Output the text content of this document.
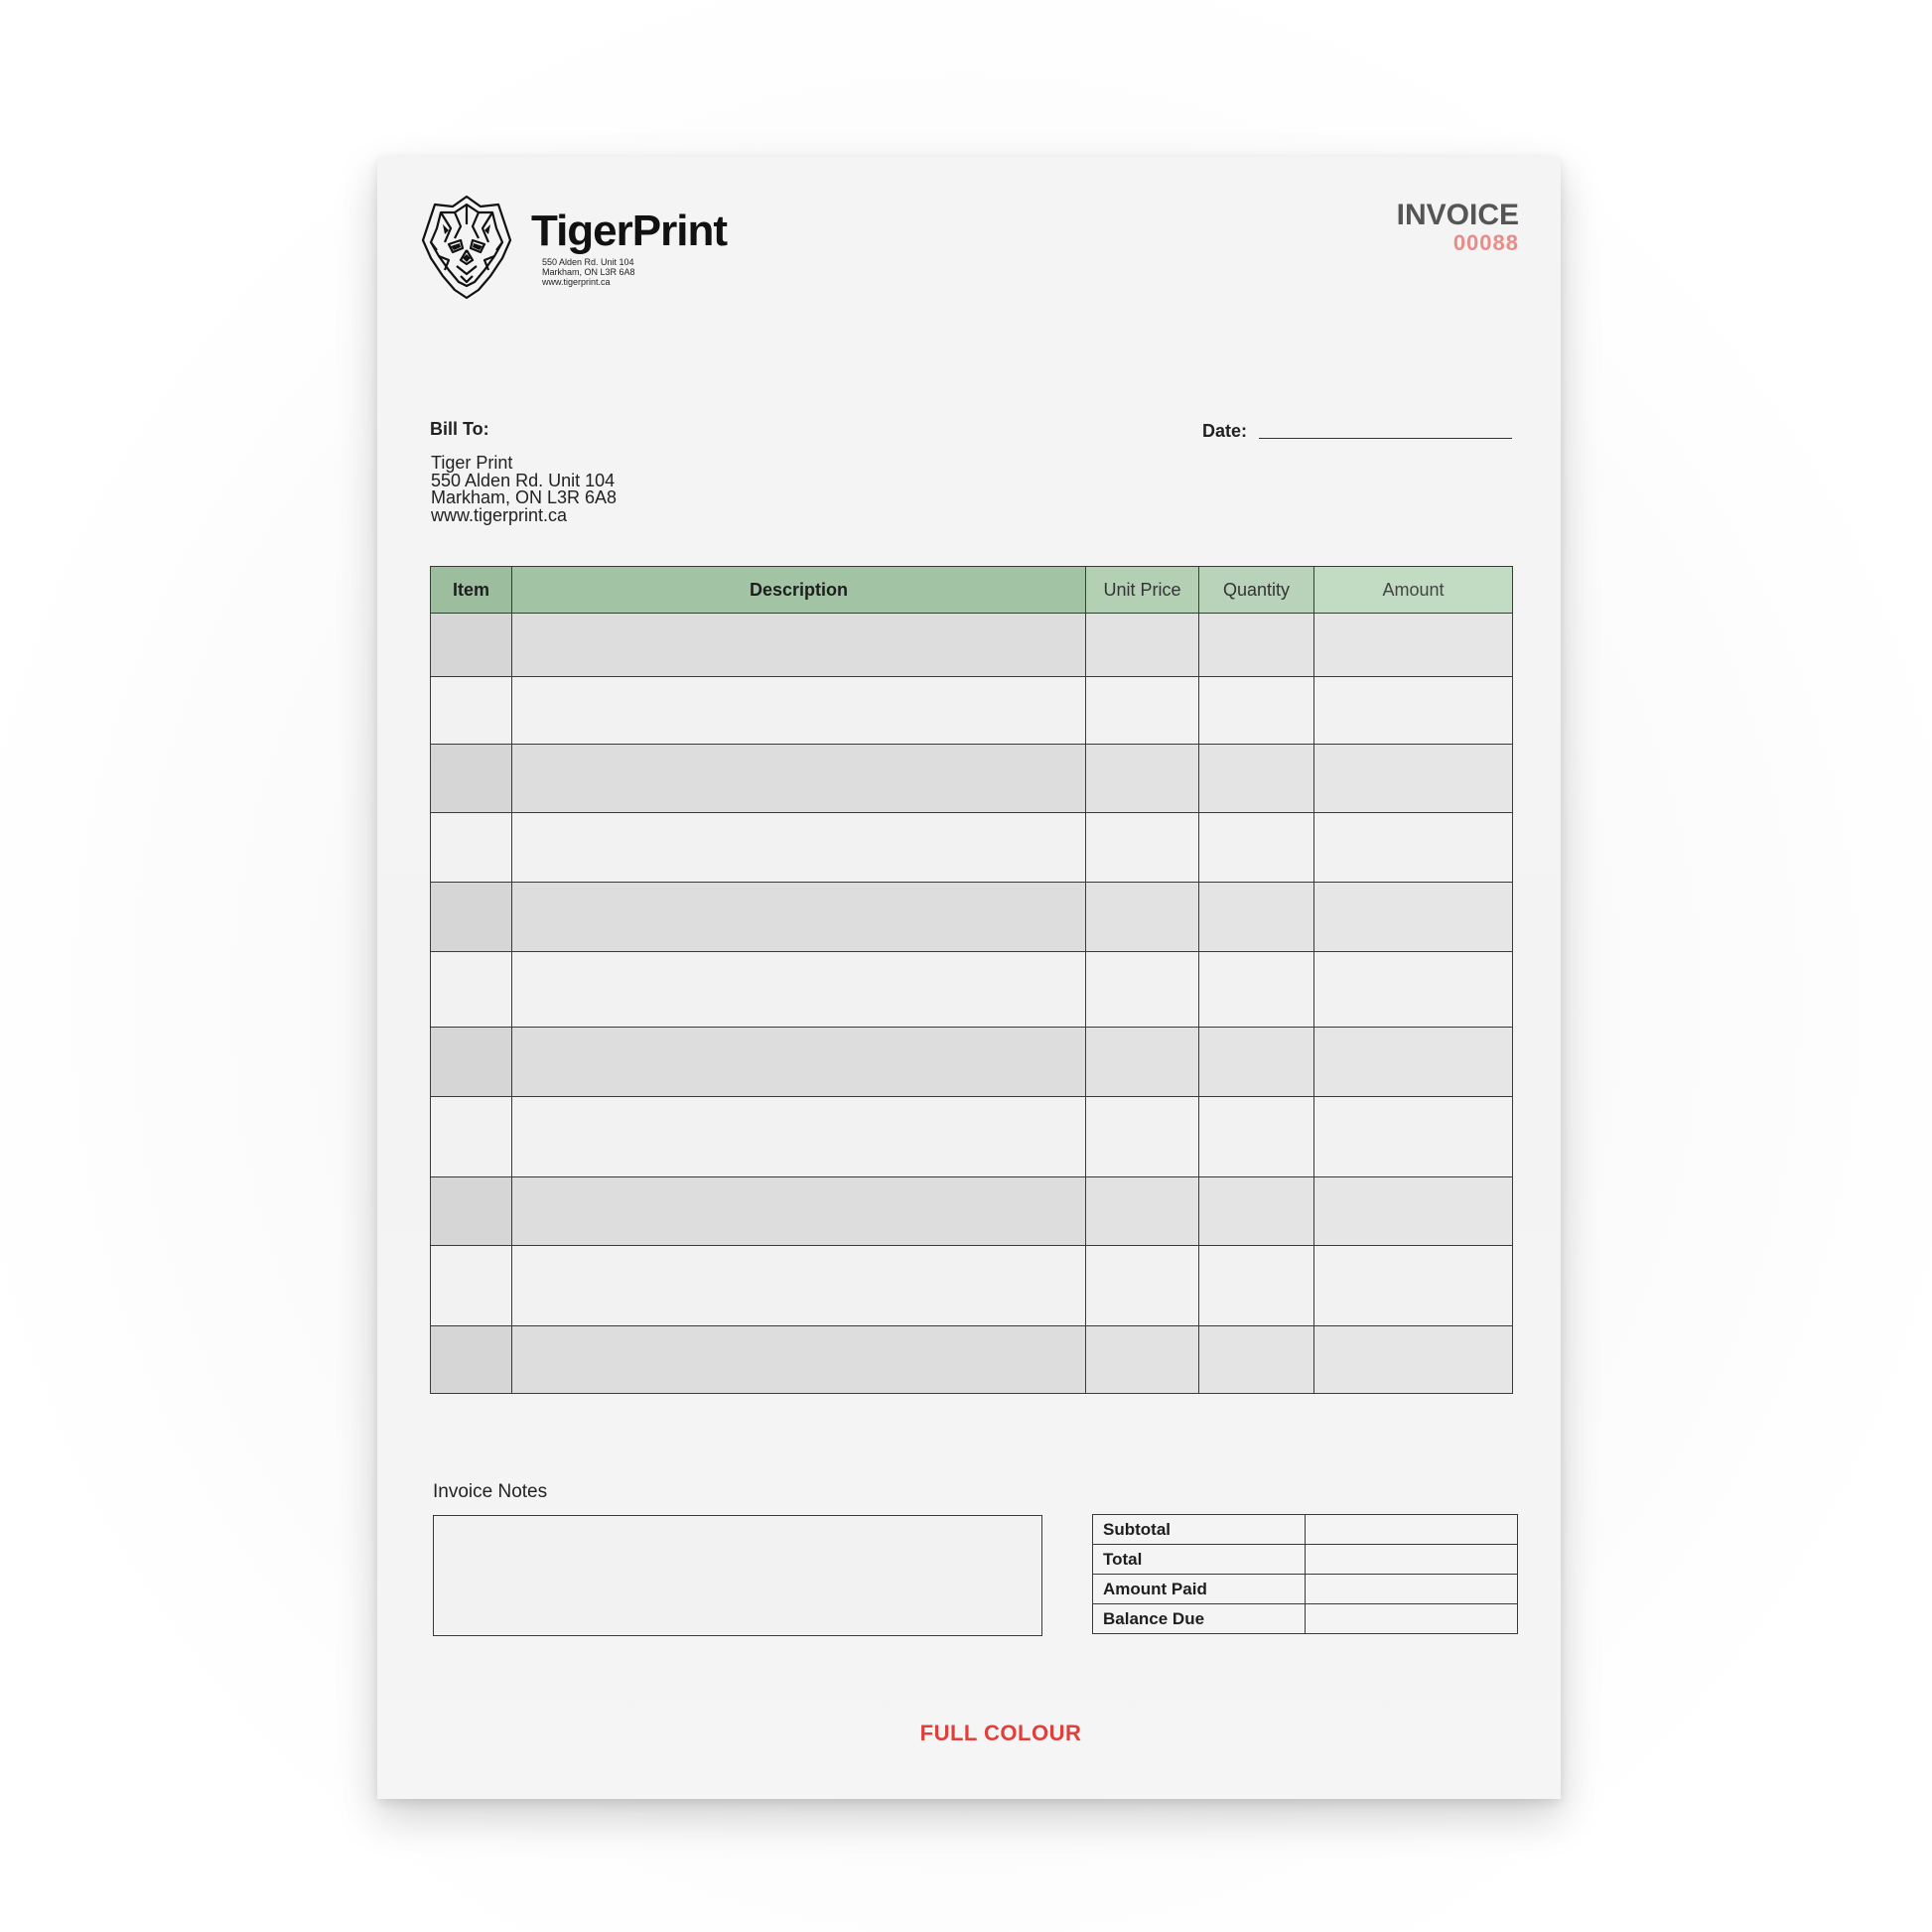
TigerPrint
550 Alden Rd. Unit 104
Markham, ON L3R 6A8
www.tigerprint.ca
INVOICE
00088
Bill To:
Tiger Print
550 Alden Rd. Unit 104
Markham, ON L3R 6A8
www.tigerprint.ca
Date:
Item	Description	Unit Price	Quantity	Amount

Invoice Notes
Subtotal	
Total	
Amount Paid	
Balance Due	
FULL COLOUR
